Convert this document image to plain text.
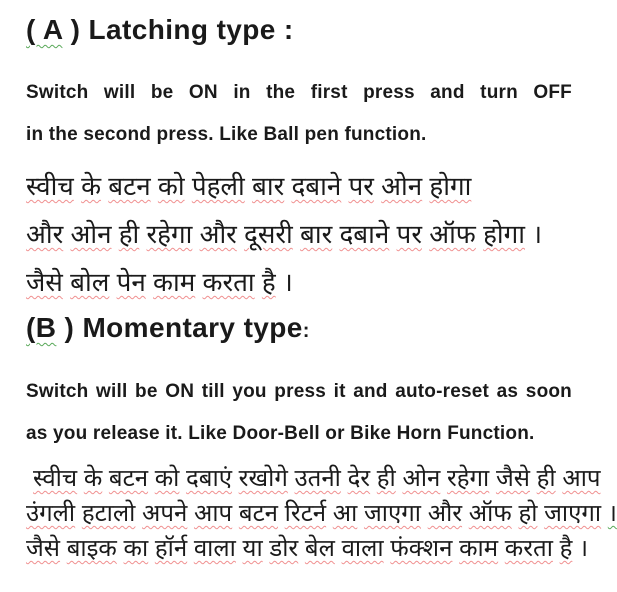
( A ) Latching type :
Switch will be ON in the first press and turn OFF
in the second press. Like Ball pen function.
स्वीच के बटन को पेहली बार दबाने पर ओन होगा
और ओन ही रहेगा और दूसरी बार दबाने पर ऑफ होगा ।
जैसे बोल पेन काम करता है ।
(B ) Momentary type:
Switch will be ON till you press it and auto-reset as soon
as you release it. Like Door-Bell or Bike Horn Function.
स्वीच के बटन को दबाएं रखोगे उतनी देर ही ओन रहेगा जैसे ही आप
उंगली हटालो अपने आप बटन रिटर्न आ जाएगा और ऑफ हो जाएगा ।
जैसे बाइक का हॉर्न वाला या डोर बेल वाला फंक्शन काम करता है ।
